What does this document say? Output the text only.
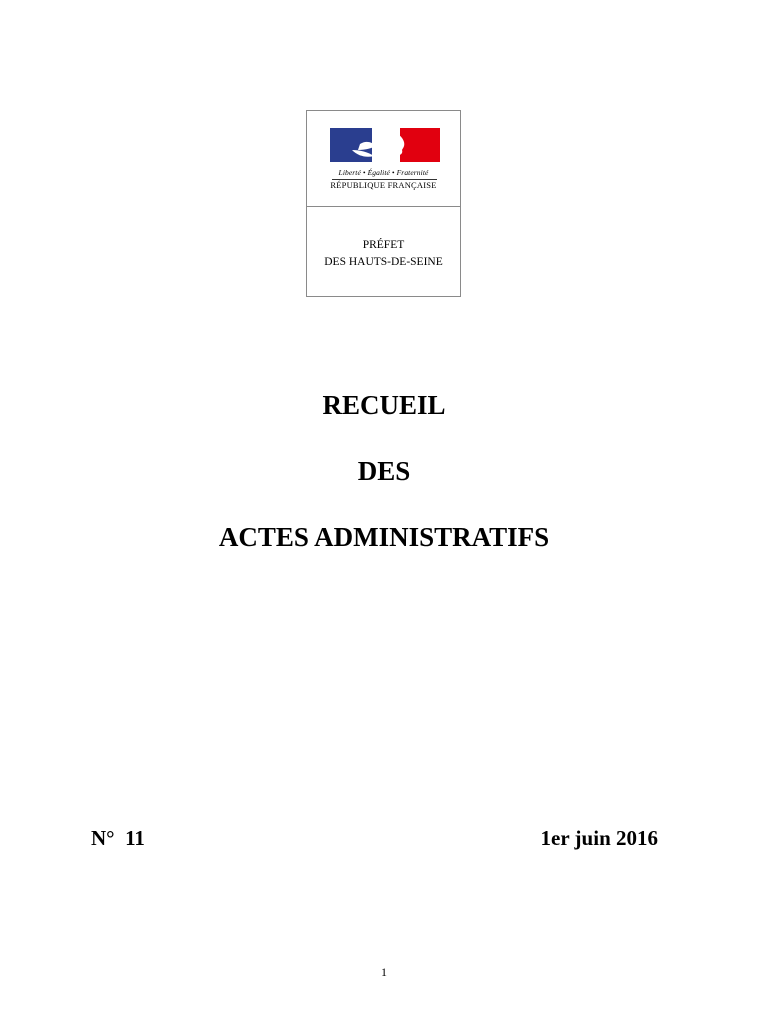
Liberté • Égalité • Fraternité
RÉPUBLIQUE FRANÇAISE
PRÉFET
DES HAUTS-DE-SEINE
RECUEIL
DES
ACTES ADMINISTRATIFS
N°  11	1er juin 2016
1
